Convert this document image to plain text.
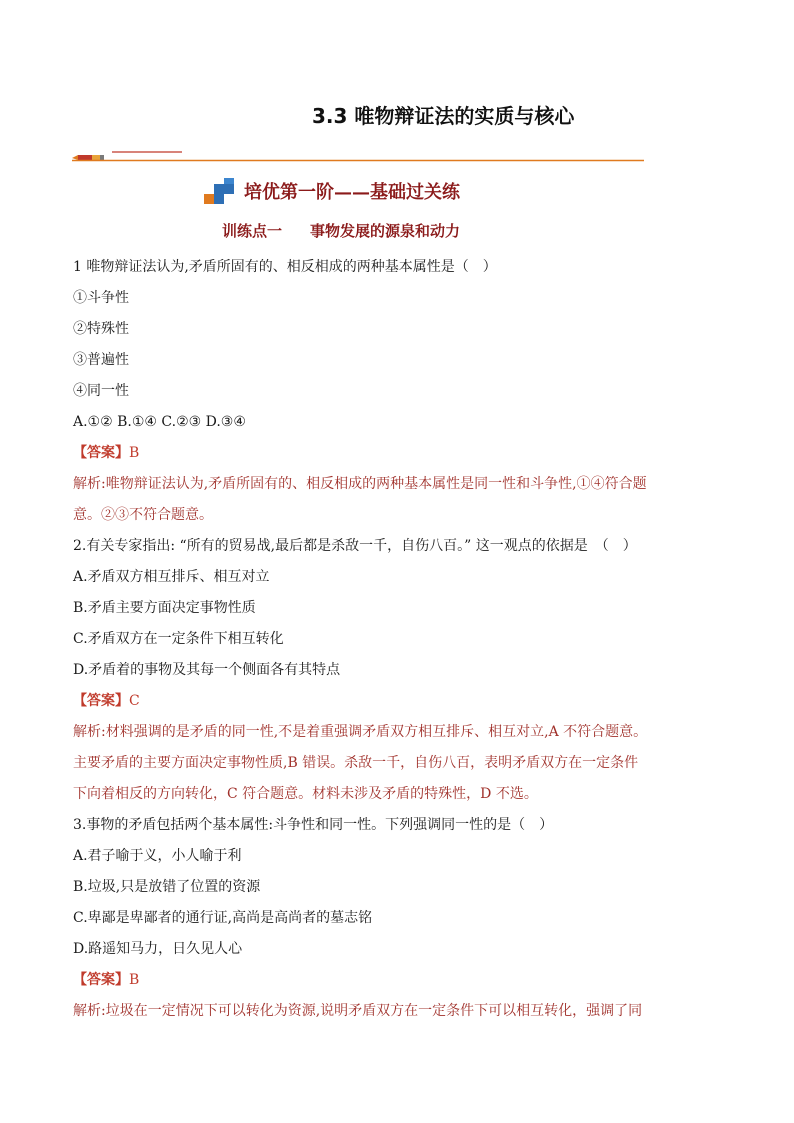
3.3 唯物辩证法的实质与核心
培优第一阶——基础过关练
训练点一 事物发展的源泉和动力
1 唯物辩证法认为,矛盾所固有的、相反相成的两种基本属性是（　）
①斗争性
②特殊性
③普遍性
④同一性
A.①② B.①④ C.②③ D.③④
【答案】B
解析:唯物辩证法认为,矛盾所固有的、相反相成的两种基本属性是同一性和斗争性,①④符合题
意。②③不符合题意。
2.有关专家指出: “所有的贸易战,最后都是杀敌一千，自伤八百。” 这一观点的依据是　（　）
A.矛盾双方相互排斥、相互对立
B.矛盾主要方面决定事物性质
C.矛盾双方在一定条件下相互转化
D.矛盾着的事物及其每一个侧面各有其特点
【答案】C
解析:材料强调的是矛盾的同一性,不是着重强调矛盾双方相互排斥、相互对立,A 不符合题意。
主要矛盾的主要方面决定事物性质,B 错误。杀敌一千，自伤八百，表明矛盾双方在一定条件
下向着相反的方向转化，C 符合题意。材料未涉及矛盾的特殊性，D 不选。
3.事物的矛盾包括两个基本属性:斗争性和同一性。下列强调同一性的是（　）
A.君子喻于义，小人喻于利
B.垃圾,只是放错了位置的资源
C.卑鄙是卑鄙者的通行证,高尚是高尚者的墓志铭
D.路遥知马力，日久见人心
【答案】B
解析:垃圾在一定情况下可以转化为资源,说明矛盾双方在一定条件下可以相互转化，强调了同
